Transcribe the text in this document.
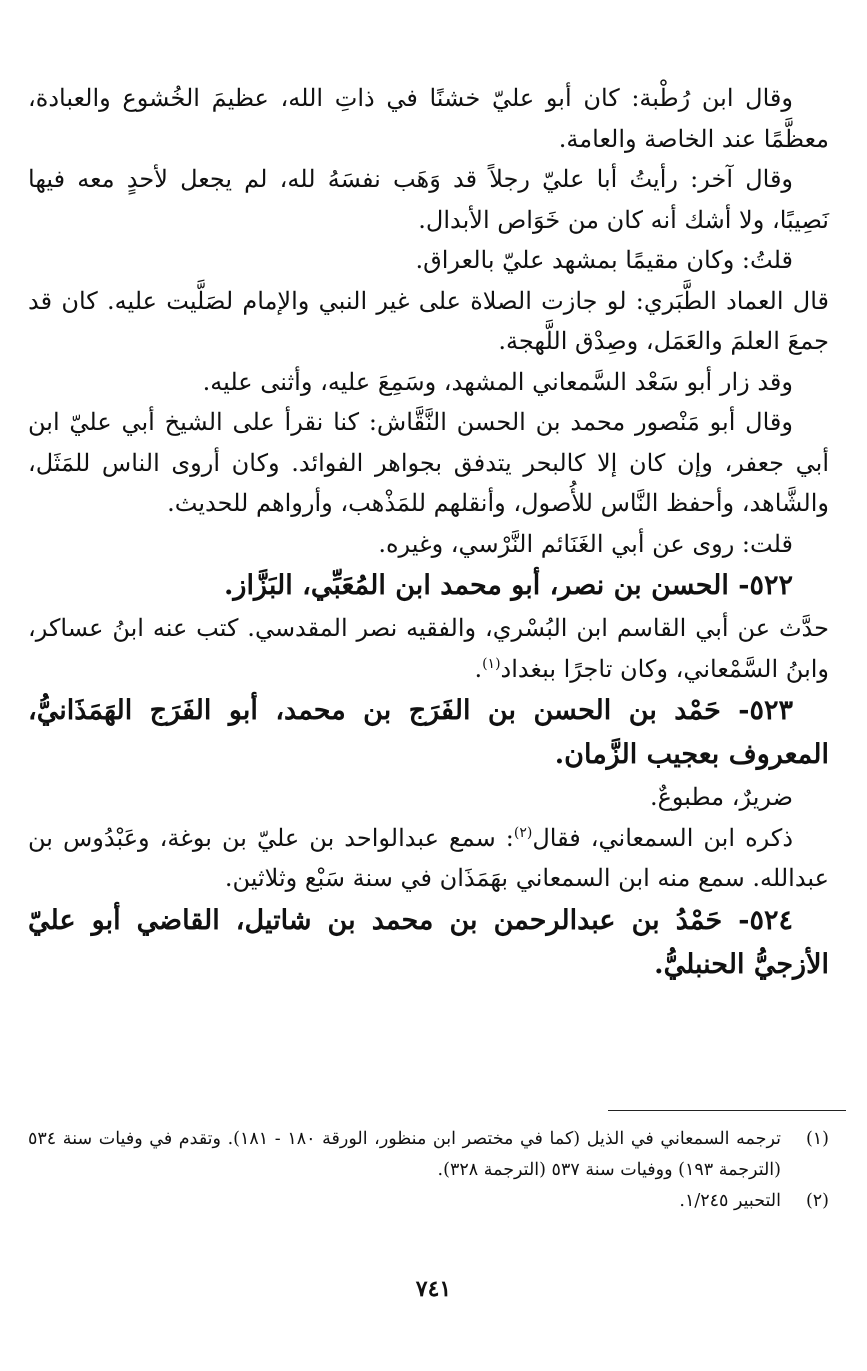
وقال ابن رُطْبة: كان أبو عليّ خشنًا في ذاتِ الله، عظيمَ الخُشوع والعبادة، معظَّمًا عند الخاصة والعامة.

وقال آخر: رأيتُ أبا عليّ رجلاً قد وَهَب نفسَهُ لله، لم يجعل لأحدٍ معه فيها نَصِيبًا، ولا أشك أنه كان من خَوَاص الأبدال.

قلتُ: وكان مقيمًا بمشهد عليّ بالعراق.

قال العماد الطَّبَري: لو جازت الصلاة على غير النبي والإمام لصَلَّيت عليه. كان قد جمعَ العلمَ والعَمَل، وصِدْق اللَّهجة.

وقد زار أبو سَعْد السَّمعاني المشهد، وسَمِعَ عليه، وأثنى عليه.

وقال أبو مَنْصور محمد بن الحسن النَّقَّاش: كنا نقرأ على الشيخ أبي عليّ ابن أبي جعفر، وإن كان إلا كالبحر يتدفق بجواهر الفوائد. وكان أروى الناس للمَثَل، والشَّاهد، وأحفظ النَّاس للأُصول، وأنقلهم للمَذْهب، وأرواهم للحديث.

قلت: روى عن أبي الغَنَائم النَّرْسي، وغيره.

٥٢٢- الحسن بن نصر، أبو محمد ابن المُعَبِّي، البَزَّاز.

حدَّث عن أبي القاسم ابن البُسْري، والفقيه نصر المقدسي. كتب عنه ابنُ عساكر، وابنُ السَّمْعاني، وكان تاجرًا ببغداد$^{(١)}$.

٥٢٣- حَمْد بن الحسن بن الفَرَج بن محمد، أبو الفَرَج الهَمَذَانيُّ، المعروف بعجيب الزَّمان.

ضريرٌ، مطبوعٌ.

ذكره ابن السمعاني، فقال$^{(٢)}$: سمع عبدالواحد بن عليّ بن بوغة، وعَبْدُوس بن عبدالله. سمع منه ابن السمعاني بهَمَذَان في سنة سَبْع وثلاثين.

٥٢٤- حَمْدُ بن عبدالرحمن بن محمد بن شاتيل، القاضي أبو عليّ الأزجيُّ الحنبليُّ.

(١)
ترجمه السمعاني في الذيل (كما في مختصر ابن منظور، الورقة ١٨٠ - ١٨١). وتقدم في وفيات سنة ٥٣٤ (الترجمة ١٩٣) ووفيات سنة ٥٣٧ (الترجمة ٣٢٨).
(٢)
التحبير ١/٢٤٥.
٧٤١
